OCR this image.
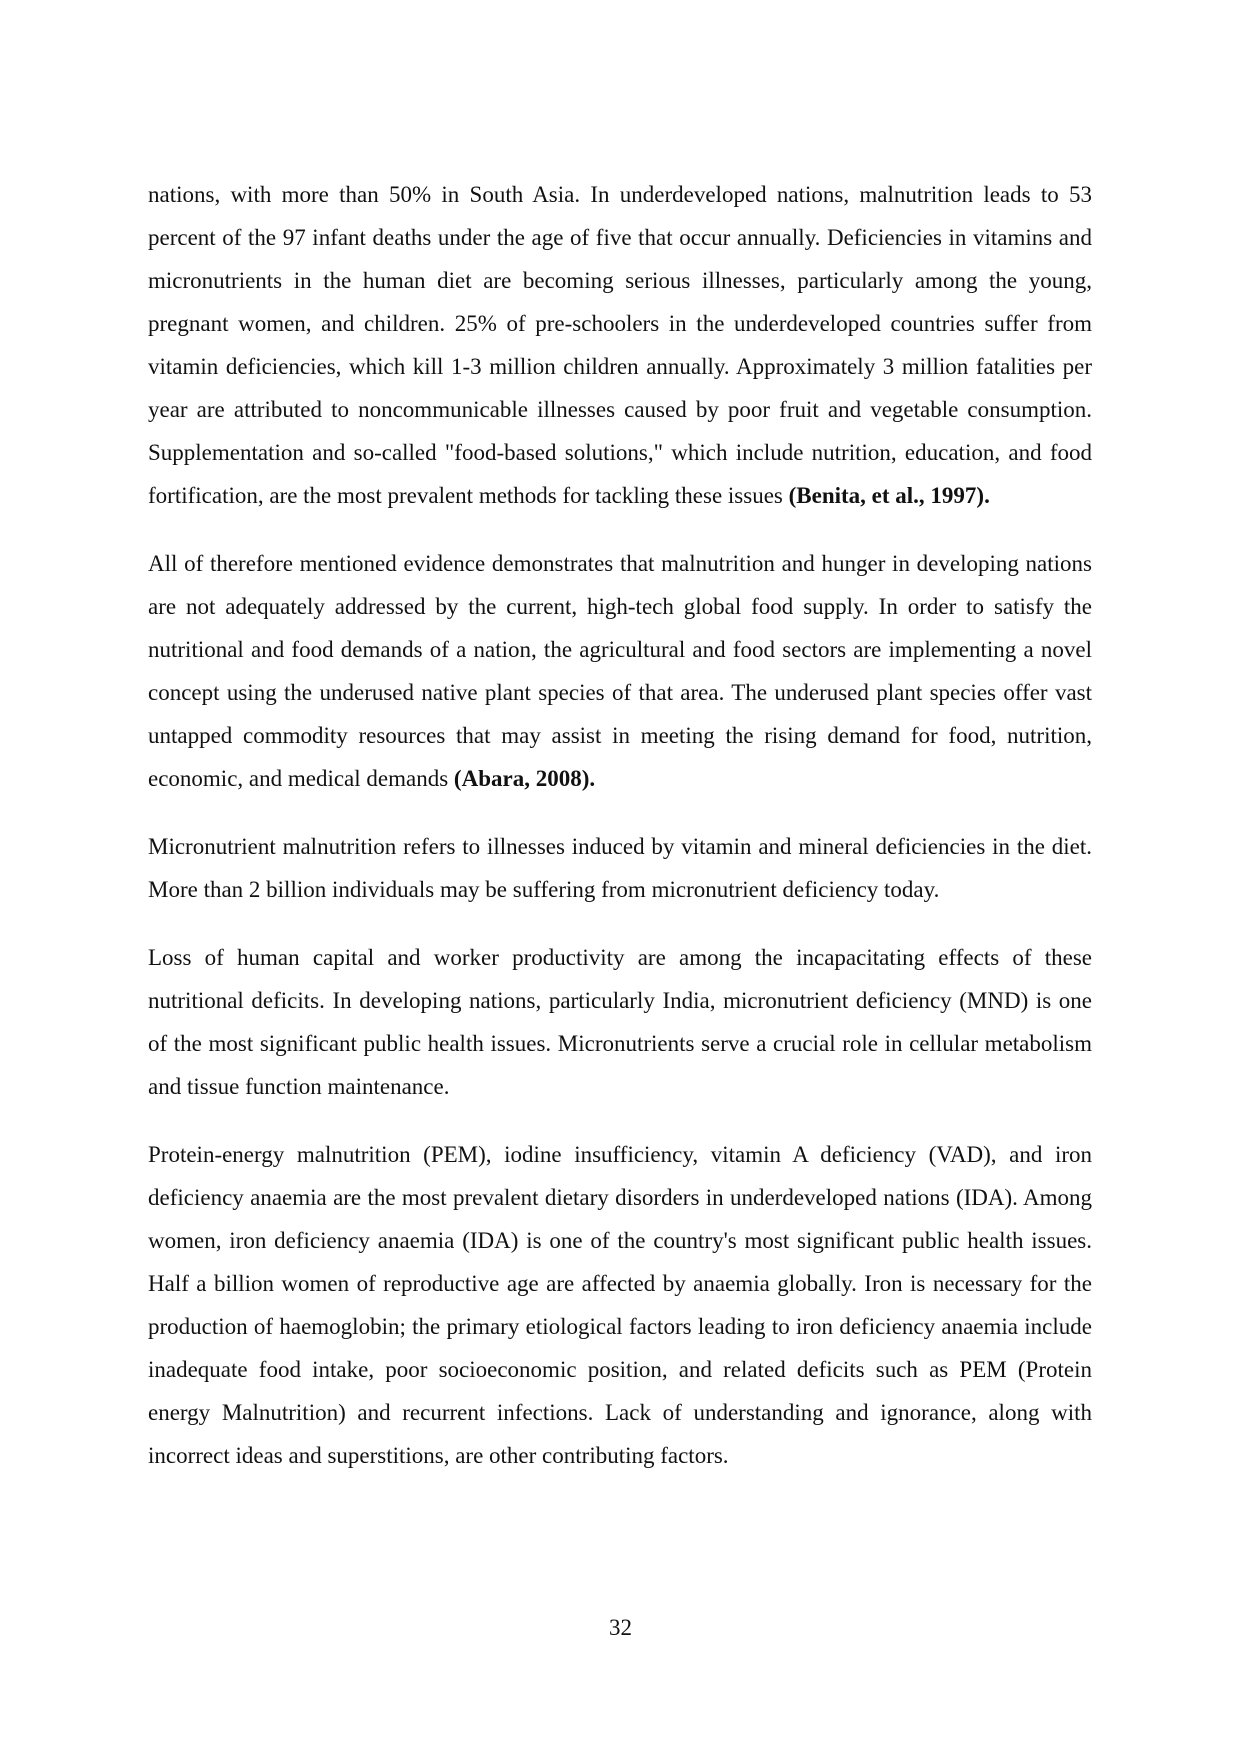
nations, with more than 50% in South Asia. In underdeveloped nations, malnutrition leads to 53 percent of the 97 infant deaths under the age of five that occur annually. Deficiencies in vitamins and micronutrients in the human diet are becoming serious illnesses, particularly among the young, pregnant women, and children. 25% of pre-schoolers in the underdeveloped countries suffer from vitamin deficiencies, which kill 1-3 million children annually. Approximately 3 million fatalities per year are attributed to noncommunicable illnesses caused by poor fruit and vegetable consumption. Supplementation and so-called "food-based solutions," which include nutrition, education, and food fortification, are the most prevalent methods for tackling these issues (Benita, et al., 1997).

All of therefore mentioned evidence demonstrates that malnutrition and hunger in developing nations are not adequately addressed by the current, high-tech global food supply. In order to satisfy the nutritional and food demands of a nation, the agricultural and food sectors are implementing a novel concept using the underused native plant species of that area. The underused plant species offer vast untapped commodity resources that may assist in meeting the rising demand for food, nutrition, economic, and medical demands (Abara, 2008).

Micronutrient malnutrition refers to illnesses induced by vitamin and mineral deficiencies in the diet. More than 2 billion individuals may be suffering from micronutrient deficiency today.

Loss of human capital and worker productivity are among the incapacitating effects of these nutritional deficits. In developing nations, particularly India, micronutrient deficiency (MND) is one of the most significant public health issues. Micronutrients serve a crucial role in cellular metabolism and tissue function maintenance.

Protein-energy malnutrition (PEM), iodine insufficiency, vitamin A deficiency (VAD), and iron deficiency anaemia are the most prevalent dietary disorders in underdeveloped nations (IDA). Among women, iron deficiency anaemia (IDA) is one of the country's most significant public health issues. Half a billion women of reproductive age are affected by anaemia globally. Iron is necessary for the production of haemoglobin; the primary etiological factors leading to iron deficiency anaemia include inadequate food intake, poor socioeconomic position, and related deficits such as PEM (Protein energy Malnutrition) and recurrent infections. Lack of understanding and ignorance, along with incorrect ideas and superstitions, are other contributing factors.

32
